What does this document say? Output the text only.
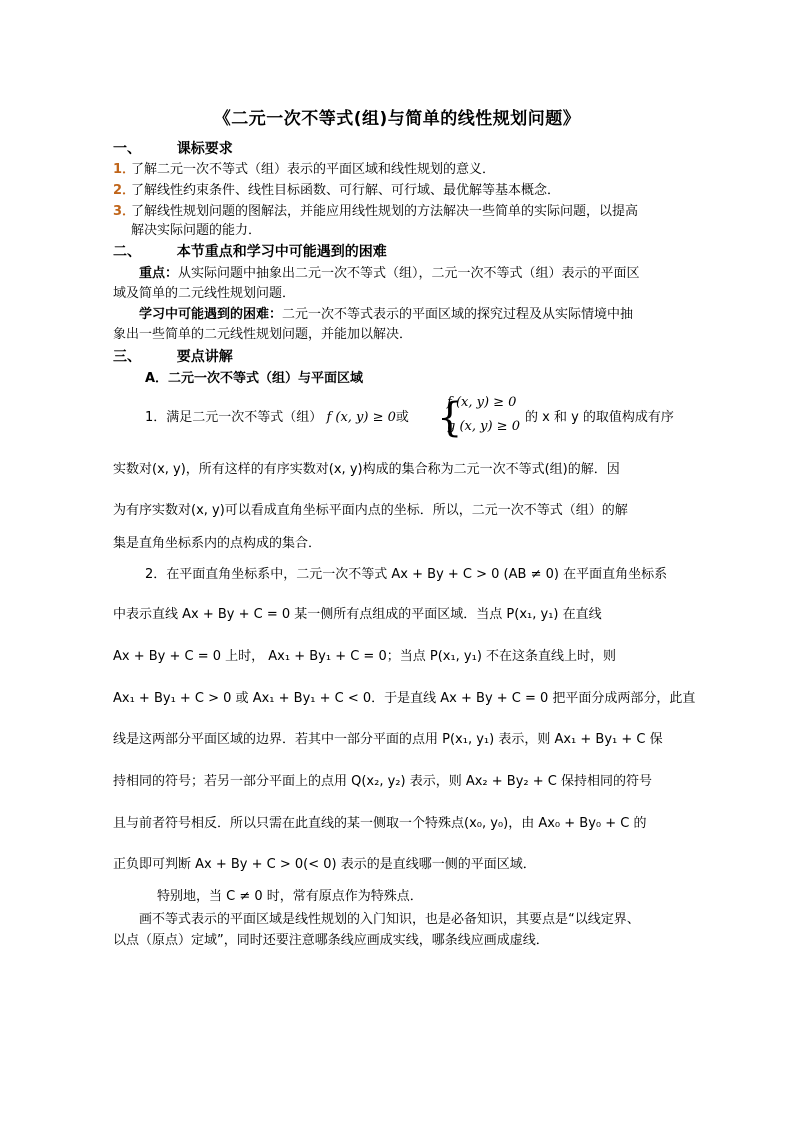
《二元一次不等式(组)与简单的线性规划问题》
一、	课标要求
1．了解二元一次不等式（组）表示的平面区域和线性规划的意义．
2．了解线性约束条件、线性目标函数、可行解、可行域、最优解等基本概念．
3．了解线性规划问题的图解法，并能应用线性规划的方法解决一些简单的实际问题，以提高
解决实际问题的能力．
二、	本节重点和学习中可能遇到的困难
重点：从实际问题中抽象出二元一次不等式（组），二元一次不等式（组）表示的平面区
域及简单的二元线性规划问题．
学习中可能遇到的困难：二元一次不等式表示的平面区域的探究过程及从实际情境中抽
象出一些简单的二元线性规划问题，并能加以解决．
三、	要点讲解
A．二元一次不等式（组）与平面区域
1．满足二元一次不等式（组） f (x, y) ≥ 0或 {
f (x, y) ≥ 0
g (x, y) ≥ 0
的 x 和 y 的取值构成有序
实数对(x, y)，所有这样的有序实数对(x, y)构成的集合称为二元一次不等式(组)的解．因
为有序实数对(x, y)可以看成直角坐标平面内点的坐标．所以，二元一次不等式（组）的解
集是直角坐标系内的点构成的集合．
2．在平面直角坐标系中，二元一次不等式 Ax + By + C > 0 (AB ≠ 0) 在平面直角坐标系
中表示直线 Ax + By + C = 0 某一侧所有点组成的平面区域．当点 P(x₁, y₁) 在直线
Ax + By + C = 0 上时， Ax₁ + By₁ + C = 0；当点 P(x₁, y₁) 不在这条直线上时，则
Ax₁ + By₁ + C > 0 或 Ax₁ + By₁ + C < 0．于是直线 Ax + By + C = 0 把平面分成两部分，此直
线是这两部分平面区域的边界．若其中一部分平面的点用 P(x₁, y₁) 表示，则 Ax₁ + By₁ + C 保
持相同的符号；若另一部分平面上的点用 Q(x₂, y₂) 表示，则 Ax₂ + By₂ + C 保持相同的符号
且与前者符号相反．所以只需在此直线的某一侧取一个特殊点(x₀, y₀)，由 Ax₀ + By₀ + C 的
正负即可判断 Ax + By + C > 0(< 0) 表示的是直线哪一侧的平面区域．
特别地，当 C ≠ 0 时，常有原点作为特殊点．
画不等式表示的平面区域是线性规划的入门知识，也是必备知识，其要点是“以线定界、
以点（原点）定域”，同时还要注意哪条线应画成实线，哪条线应画成虚线．
